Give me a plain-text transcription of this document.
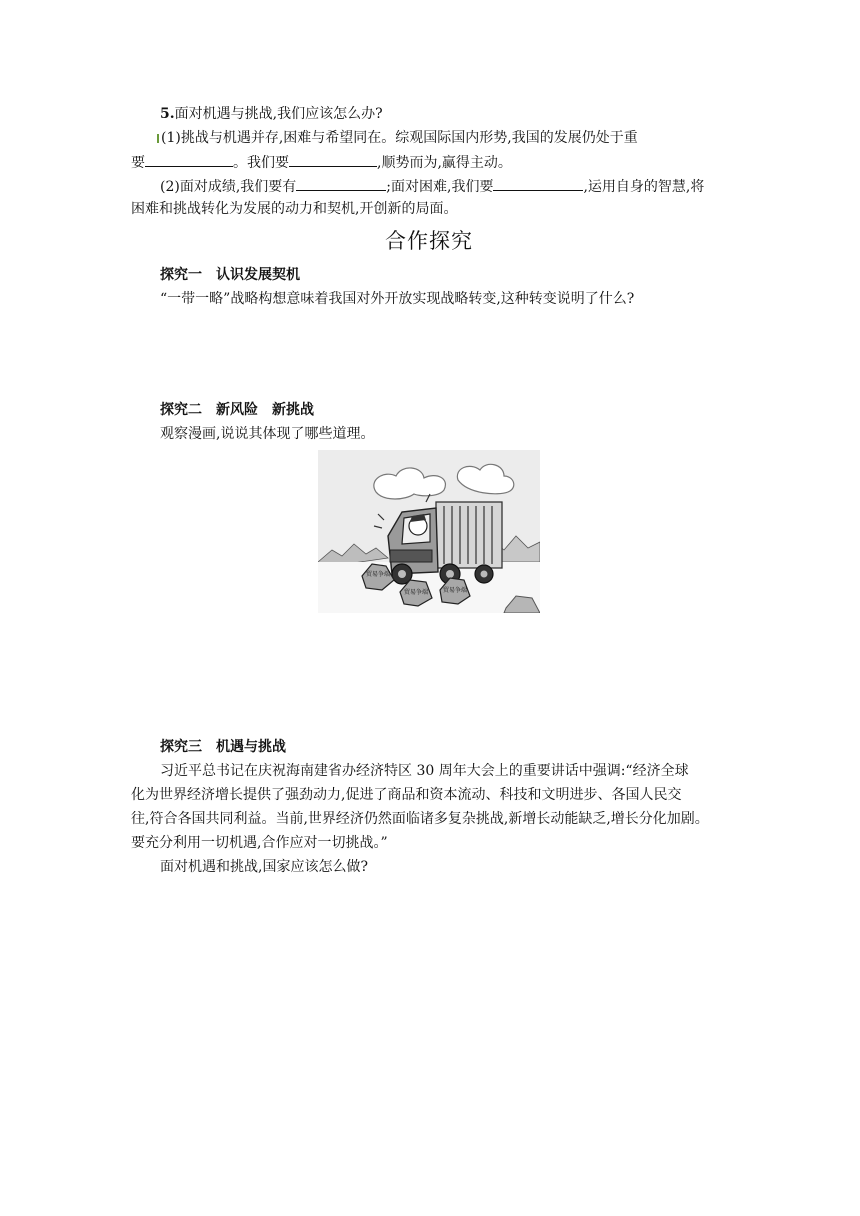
5.面对机遇与挑战,我们应该怎么办?
(1)挑战与机遇并存,困难与希望同在。综观国际国内形势,我国的发展仍处于重
要	。我们要	,顺势而为,赢得主动。
(2)面对成绩,我们要有	;面对困难,我们要	,运用自身的智慧,将
困难和挑战转化为发展的动力和契机,开创新的局面。
合作探究
探究一　认识发展契机
“一带一略”战略构想意味着我国对外开放实现战略转变,这种转变说明了什么?
探究二　新风险　新挑战
观察漫画,说说其体现了哪些道理。
贸易争端
贸易争端 贸易争端
探究三　机遇与挑战
习近平总书记在庆祝海南建省办经济特区 30 周年大会上的重要讲话中强调:“经济全球
化为世界经济增长提供了强劲动力,促进了商品和资本流动、科技和文明进步、各国人民交
往,符合各国共同利益。当前,世界经济仍然面临诸多复杂挑战,新增长动能缺乏,增长分化加剧。
要充分利用一切机遇,合作应对一切挑战。”
面对机遇和挑战,国家应该怎么做?
